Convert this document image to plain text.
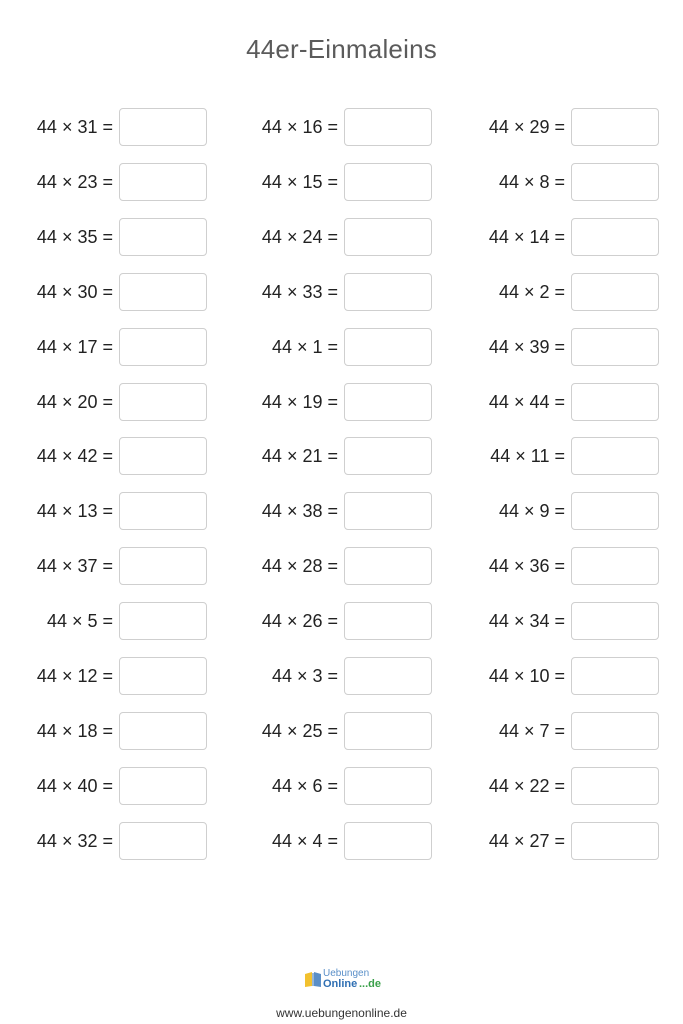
44er-Einmaleins
44 × 31 =	44 × 16 =	44 × 29 =
44 × 23 =	44 × 15 =	44 × 8 =
44 × 35 =	44 × 24 =	44 × 14 =
44 × 30 =	44 × 33 =	44 × 2 =
44 × 17 =	44 × 1 =	44 × 39 =
44 × 20 =	44 × 19 =	44 × 44 =
44 × 42 =	44 × 21 =	44 × 11 =
44 × 13 =	44 × 38 =	44 × 9 =
44 × 37 =	44 × 28 =	44 × 36 =
44 × 5 =	44 × 26 =	44 × 34 =
44 × 12 =	44 × 3 =	44 × 10 =
44 × 18 =	44 × 25 =	44 × 7 =
44 × 40 =	44 × 6 =	44 × 22 =
44 × 32 =	44 × 4 =	44 × 27 =
Uebungen
Online ...de
www.uebungenonline.de
